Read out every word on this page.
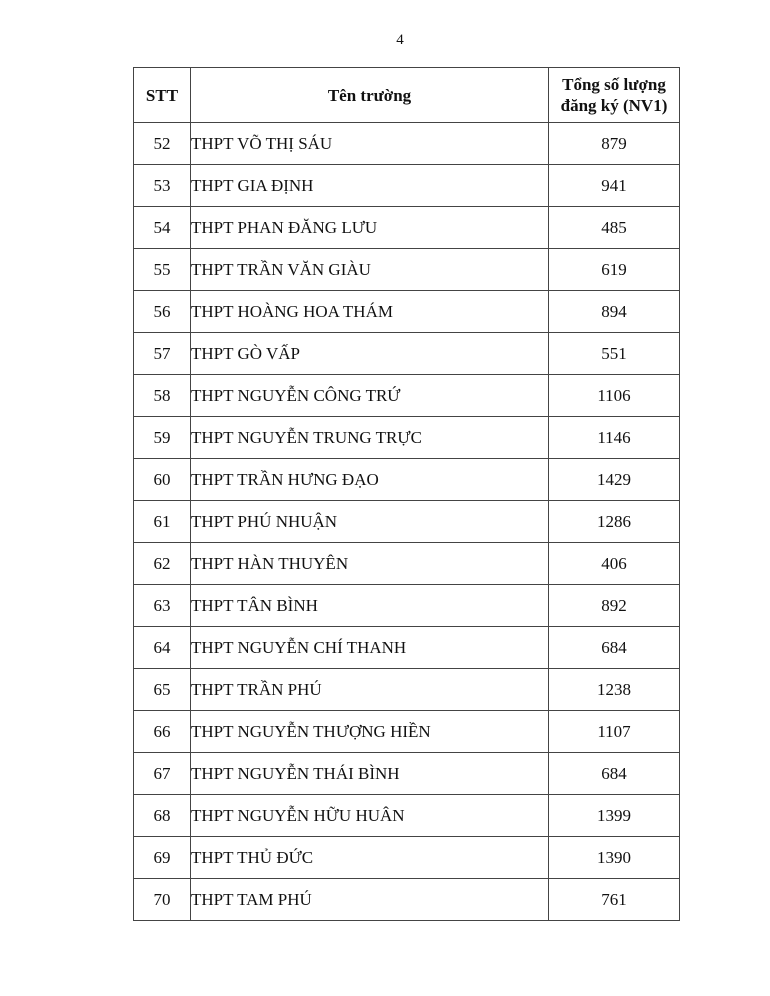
4
STT	Tên trường	Tổng số lượng
đăng ký (NV1)
52	THPT VÕ THỊ SÁU	879
53	THPT GIA ĐỊNH	941
54	THPT PHAN ĐĂNG LƯU	485
55	THPT TRẦN VĂN GIÀU	619
56	THPT HOÀNG HOA THÁM	894
57	THPT GÒ VẤP	551
58	THPT NGUYỄN CÔNG TRỨ	1106
59	THPT NGUYỄN TRUNG TRỰC	1146
60	THPT TRẦN HƯNG ĐẠO	1429
61	THPT PHÚ NHUẬN	1286
62	THPT HÀN THUYÊN	406
63	THPT TÂN BÌNH	892
64	THPT NGUYỄN CHÍ THANH	684
65	THPT TRẦN PHÚ	1238
66	THPT NGUYỄN THƯỢNG HIỀN	1107
67	THPT NGUYỄN THÁI BÌNH	684
68	THPT NGUYỄN HỮU HUÂN	1399
69	THPT THỦ ĐỨC	1390
70	THPT TAM PHÚ	761
